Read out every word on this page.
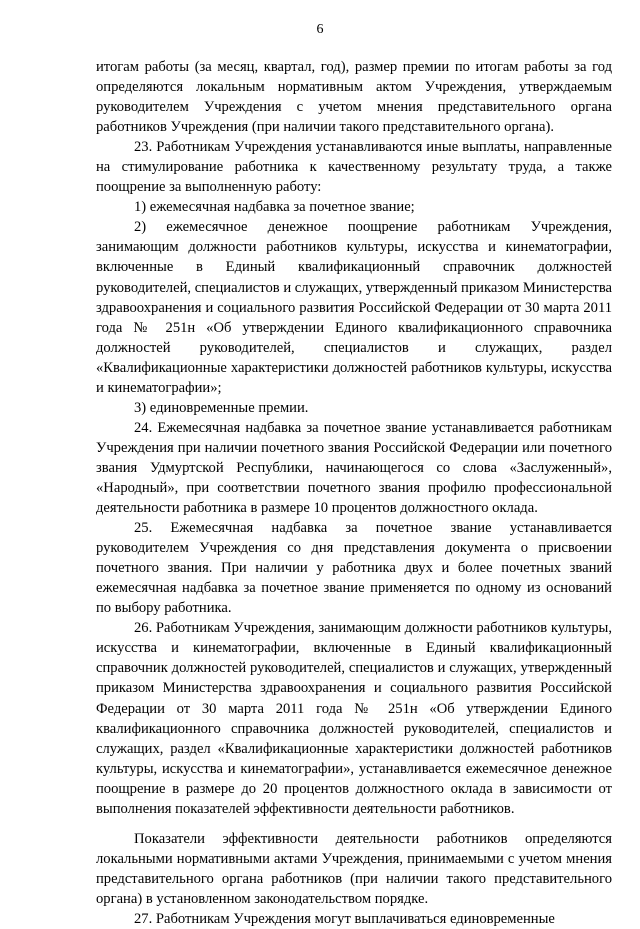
6

итогам работы (за месяц, квартал, год), размер премии по итогам работы за год определяются локальным нормативным актом Учреждения, утверждаемым руководителем Учреждения с учетом мнения представительного органа работников Учреждения (при наличии такого представительного органа).

23. Работникам Учреждения устанавливаются иные выплаты, направленные на стимулирование работника к качественному результату труда, а также поощрение за выполненную работу:

1) ежемесячная надбавка за почетное звание;

2) ежемесячное денежное поощрение работникам Учреждения, занимающим должности работников культуры, искусства и кинематографии, включенные в Единый квалификационный справочник должностей руководителей, специалистов и служащих, утвержденный приказом Министерства здравоохранения и социального развития Российской Федерации от 30 марта 2011 года № 251н «Об утверждении Единого квалификационного справочника должностей руководителей, специалистов и служащих, раздел «Квалификационные характеристики должностей работников культуры, искусства и кинематографии»;

3) единовременные премии.

24. Ежемесячная надбавка за почетное звание устанавливается работникам Учреждения при наличии почетного звания Российской Федерации или почетного звания Удмуртской Республики, начинающегося со слова «Заслуженный», «Народный», при соответствии почетного звания профилю профессиональной деятельности работника в размере 10 процентов должностного оклада.

25. Ежемесячная надбавка за почетное звание устанавливается руководителем Учреждения со дня представления документа о присвоении почетного звания. При наличии у работника двух и более почетных званий ежемесячная надбавка за почетное звание применяется по одному из оснований по выбору работника.

26. Работникам Учреждения, занимающим должности работников культуры, искусства и кинематографии, включенные в Единый квалификационный справочник должностей руководителей, специалистов и служащих, утвержденный приказом Министерства здравоохранения и социального развития Российской Федерации от 30 марта 2011 года № 251н «Об утверждении Единого квалификационного справочника должностей руководителей, специалистов и служащих, раздел «Квалификационные характеристики должностей работников культуры, искусства и кинематографии», устанавливается ежемесячное денежное поощрение в размере до 20 процентов должностного оклада в зависимости от выполнения показателей эффективности деятельности работников.

Показатели эффективности деятельности работников определяются локальными нормативными актами Учреждения, принимаемыми с учетом мнения представительного органа работников (при наличии такого представительного органа) в установленном законодательством порядке.

27. Работникам Учреждения могут выплачиваться единовременные
